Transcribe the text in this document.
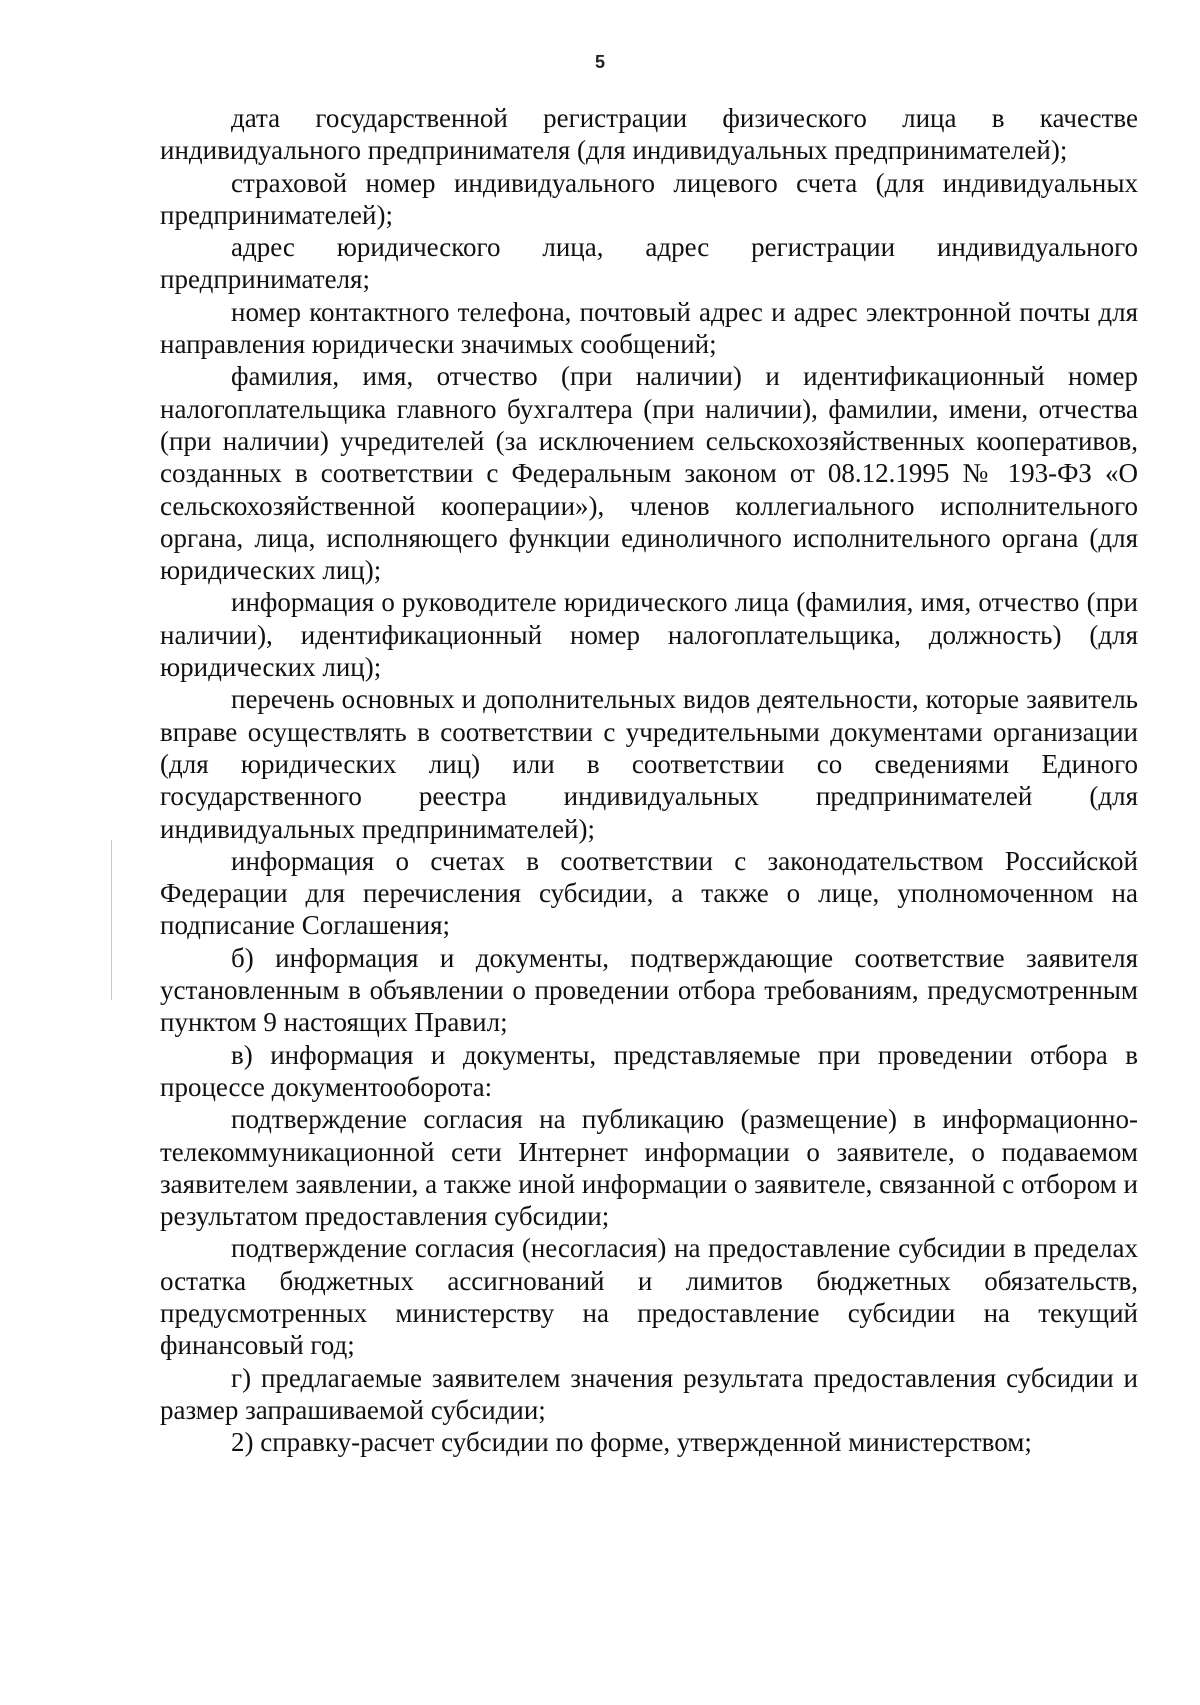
5

дата государственной регистрации физического лица в качестве индивидуального предпринимателя (для индивидуальных предпринимателей);

страховой номер индивидуального лицевого счета (для индивидуальных предпринимателей);

адрес юридического лица, адрес регистрации индивидуального предпринимателя;

номер контактного телефона, почтовый адрес и адрес электронной почты для направления юридически значимых сообщений;

фамилия, имя, отчество (при наличии) и идентификационный номер налогоплательщика главного бухгалтера (при наличии), фамилии, имени, отчества (при наличии) учредителей (за исключением сельскохозяйственных кооперативов, созданных в соответствии с Федеральным законом от 08.12.1995 № 193-ФЗ «О сельскохозяйственной кооперации»), членов коллегиального исполнительного органа, лица, исполняющего функции единоличного исполнительного органа (для юридических лиц);

информация о руководителе юридического лица (фамилия, имя, отчество (при наличии), идентификационный номер налогоплательщика, должность) (для юридических лиц);

перечень основных и дополнительных видов деятельности, которые заявитель вправе осуществлять в соответствии с учредительными документами организации (для юридических лиц) или в соответствии со сведениями Единого государственного реестра индивидуальных предпринимателей (для индивидуальных предпринимателей);

информация о счетах в соответствии с законодательством Российской Федерации для перечисления субсидии, а также о лице, уполномоченном на подписание Соглашения;

б) информация и документы, подтверждающие соответствие заявителя установленным в объявлении о проведении отбора требованиям, предусмотренным пунктом 9 настоящих Правил;

в) информация и документы, представляемые при проведении отбора в процессе документооборота:

подтверждение согласия на публикацию (размещение) в информационно-телекоммуникационной сети Интернет информации о заявителе, о подаваемом заявителем заявлении, а также иной информации о заявителе, связанной с отбором и результатом предоставления субсидии;

подтверждение согласия (несогласия) на предоставление субсидии в пределах остатка бюджетных ассигнований и лимитов бюджетных обязательств, предусмотренных министерству на предоставление субсидии на текущий финансовый год;

г) предлагаемые заявителем значения результата предоставления субсидии и размер запрашиваемой субсидии;

2) справку-расчет субсидии по форме, утвержденной министерством;
